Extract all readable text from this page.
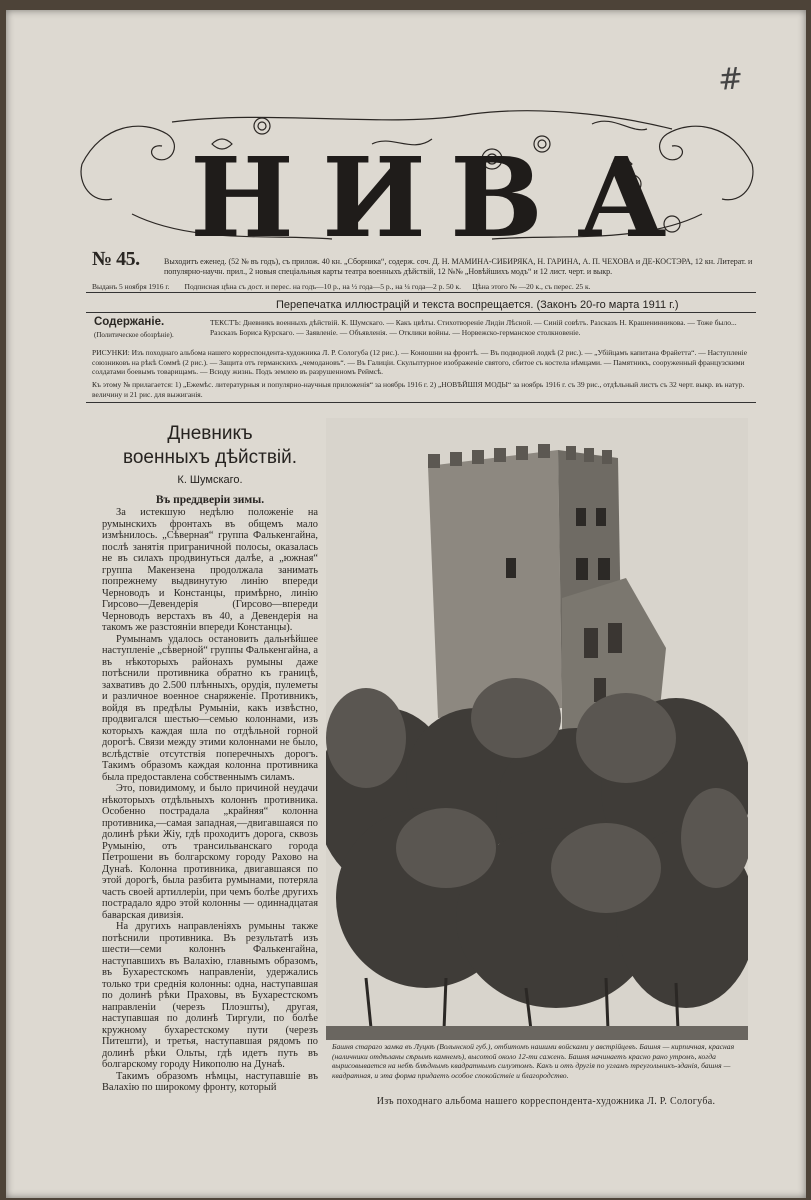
#
Н И В А
№ 45.	Выходитъ еженед. (52 № въ годъ), съ прилож. 40 кн. „Сборника“, содерж. соч. Д. Н. МАМИНА-СИБИРЯКА, Н. ГАРИНА, А. П. ЧЕХОВА и ДЕ-КОСТЭРА, 12 кн. Литерат. и популярно-научн. прил., 2 новыя спеціальныя карты театра военныхъ дѣйствій, 12 №№ „Новѣйшихъ модъ“ и 12 лист. черт. и выкр.
Выданъ 5 ноября 1916 г. Подписная цѣна съ дост. и перес. на годъ—10 р., на ½ года—5 р., на ¼ года—2 р. 50 к. Цѣна этого № —20 к., съ перес. 25 к.
Перепечатка иллюстрацій и текста воспрещается. (Законъ 20-го марта 1911 г.)
Содержаніе.
(Политическое обозрѣніе).
ТЕКСТЪ: Дневникъ военныхъ дѣйствій. К. Шумскаго. — Какъ цвѣты. Стихотвореніе Лидіи Лѣсной. — Синій совѣтъ. Разсказъ Н. Крашенинникова. — Тоже было... Разсказъ Бориса Курскаго. — Заявленіе. — Объявленія. — Отклики войны. — Норвежско-германское столкновеніе.
РИСУНКИ: Изъ походнаго альбома нашего корреспондента-художника Л. Р. Сологуба (12 рис.). — Конюшни на фронтѣ. — Въ подводной лодкѣ (2 рис.). — „Убійцамъ капитана Фрайетта“. — Наступленіе союзниковъ на рѣкѣ Соммѣ (2 рис.). — Защита отъ германскихъ „чемодановъ“. — Въ Галиціи. Скульптурное изображеніе святого, сбитое съ костела нѣмцами. — Памятникъ, сооруженный французскими солдатами боевымъ товарищамъ. — Всюду жизнь. Подъ землею въ разрушенномъ Реймсѣ.
Къ этому № прилагается: 1) „Ежемѣс. литературныя и популярно-научныя приложенія“ за ноябрь 1916 г. 2) „НОВѢЙШІЯ МОДЫ“ за ноябрь 1916 г. съ 39 рис., отдѣльный листъ съ 32 черт. выкр. въ натур. величину и 21 рис. для выжиганія.
Дневникъ
военныхъ дѣйствій.
К. Шумскаго.
Въ преддверіи зимы.

За истекшую недѣлю положеніе на румынскихъ фронтахъ въ общемъ мало измѣнилось. „Сѣверная“ группа Фалькенгайна, послѣ занятія приграничной полосы, оказалась не въ силахъ продвинуться далѣе, а „южная“ группа Макензена продолжала занимать попрежнему выдвинутую линію впереди Черноводъ и Констанцы, примѣрно, линію Гирсово—Девендерія (Гирсово—впереди Черноводъ верстахъ въ 40, а Девендерія на такомъ же разстояніи впереди Констанцы).

Румынамъ удалось остановить дальнѣйшее наступленіе „сѣверной“ группы Фалькенгайна, а въ нѣкоторыхъ районахъ румыны даже потѣснили противника обратно къ границѣ, захвативъ до 2.500 плѣнныхъ, орудія, пулеметы и различное военное снаряженіе. Противникъ, войдя въ предѣлы Румыніи, какъ извѣстно, продвигался шестью—семью колоннами, изъ которыхъ каждая шла по отдѣльной горной дорогѣ. Связи между этими колоннами не было, вслѣдствіе отсутствія поперечныхъ дорогъ. Такимъ образомъ каждая колонна противника была предоставлена собственнымъ силамъ.

Это, повидимому, и было причиной неудачи нѣкоторыхъ отдѣльныхъ колоннъ противника. Особенно пострадала „крайняя“ колонна противника,—самая западная,—двигавшаяся по долинѣ рѣки Жіу, гдѣ проходитъ дорога, сквозь Румынію, отъ трансильванскаго города Петрошени въ болгарскому городу Рахово на Дунаѣ. Колонна противника, двигавшаяся по этой дорогѣ, была разбита румынами, потеряла часть своей артиллеріи, при чемъ болѣе другихъ пострадало ядро этой колонны — одиннадцатая баварская дивизія.

На другихъ направленіяхъ румыны также потѣснили противника. Въ результатѣ изъ шести—семи колоннъ Фалькенгайна, наступавшихъ въ Валахію, главнымъ образомъ, въ Бухарестскомъ направленіи, удержались только три среднія колонны: одна, наступавшая по долинѣ рѣки Праховы, въ Бухарестскомъ направленіи (черезъ Плоэшты), другая, наступавшая по долинѣ Тиргули, по болѣе кружному бухарестскому пути (черезъ Питешти), и третья, наступавшая рядомъ по долинѣ рѣки Ольты, гдѣ идетъ путь въ болгарскому городу Никополю на Дунаѣ.

Такимъ образомъ нѣмцы, наступавшіе въ Валахію по широкому фронту, который

Башня стараго замка въ Луцкѣ (Волынской губ.), отбитомъ нашими войсками у австрійцевъ. Башня — кирпичная, красная (наличники отдѣланы сѣрымъ камнемъ), высотой около 12-ти саженъ. Башня начинаетъ красно рано утромъ, когда вырисовывается на небѣ блѣднымъ квадратнымъ силуэтомъ. Какъ и отъ другія по угламъ треугольникъ-зданія, башня — квадратная, и эта форма придаетъ особое спокойствіе и благородство.
Изъ походнаго альбома нашего корреспондента-художника Л. Р. Сологуба.
